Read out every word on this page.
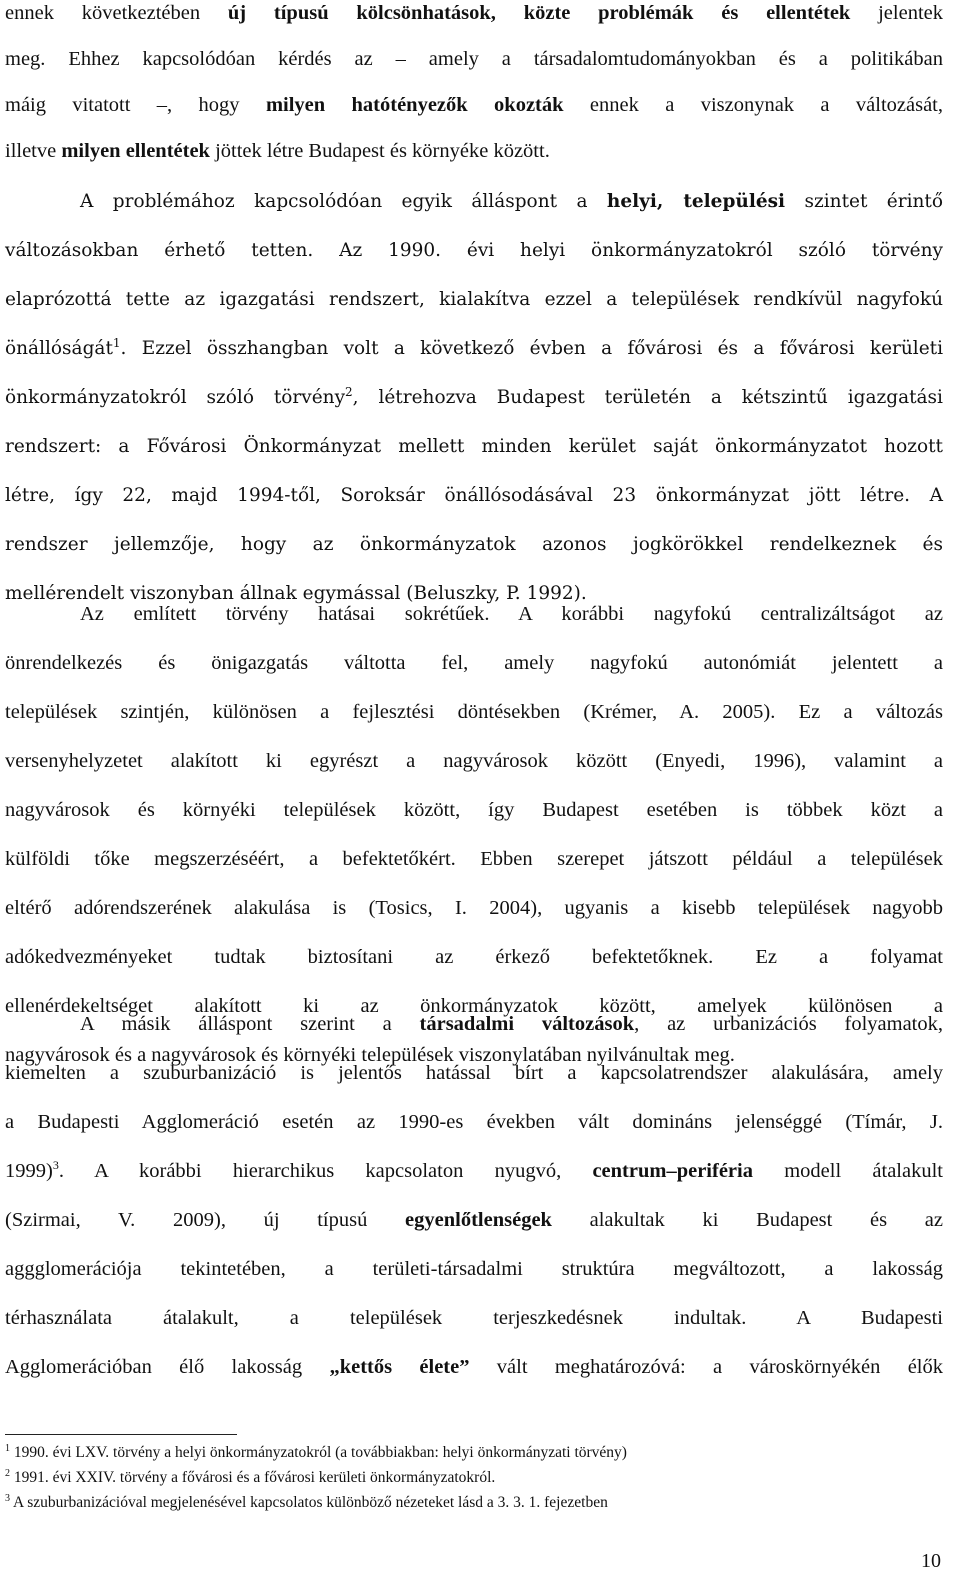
ennek következtében új típusú kölcsönhatások, közte problémák és ellentétek jelentek
meg. Ehhez kapcsolódóan kérdés az – amely a társadalomtudományokban és a politikában
máig vitatott –, hogy milyen hatótényezők okozták ennek a viszonynak a változását,
illetve milyen ellentétek jöttek létre Budapest és környéke között.
A problémához kapcsolódóan egyik álláspont a helyi, települési szintet érintő
változásokban érhető tetten. Az 1990. évi helyi önkormányzatokról szóló törvény
elaprózottá tette az igazgatási rendszert, kialakítva ezzel a települések rendkívül nagyfokú
önállóságát$^1$. Ezzel összhangban volt a következő évben a fővárosi és a fővárosi kerületi
önkormányzatokról szóló törvény$^2$, létrehozva Budapest területén a kétszintű igazgatási
rendszert: a Fővárosi Önkormányzat mellett minden kerület saját önkormányzatot hozott
létre, így 22, majd 1994-től, Soroksár önállósodásával 23 önkormányzat jött létre. A
rendszer jellemzője, hogy az önkormányzatok azonos jogkörökkel rendelkeznek és
mellérendelt viszonyban állnak egymással (Beluszky, P. 1992).
Az említett törvény hatásai sokrétűek. A korábbi nagyfokú centralizáltságot az
önrendelkezés és önigazgatás váltotta fel, amely nagyfokú autonómiát jelentett a
települések szintjén, különösen a fejlesztési döntésekben (Krémer, A. 2005). Ez a változás
versenyhelyzetet alakított ki egyrészt a nagyvárosok között (Enyedi, 1996), valamint a
nagyvárosok és környéki települések között, így Budapest esetében is többek közt a
külföldi tőke megszerzéséért, a befektetőkért. Ebben szerepet játszott például a települések
eltérő adórendszerének alakulása is (Tosics, I. 2004), ugyanis a kisebb települések nagyobb
adókedvezményeket tudtak biztosítani az érkező befektetőknek. Ez a folyamat
ellenérdekeltséget alakított ki az önkormányzatok között, amelyek különösen a
nagyvárosok és a nagyvárosok és környéki települések viszonylatában nyilvánultak meg.
A másik álláspont szerint a társadalmi változások, az urbanizációs folyamatok,
kiemelten a szuburbanizáció is jelentős hatással bírt a kapcsolatrendszer alakulására, amely
a Budapesti Agglomeráció esetén az 1990-es években vált domináns jelenséggé (Tímár, J.
1999)$^3$. A korábbi hierarchikus kapcsolaton nyugvó, centrum–periféria modell átalakult
(Szirmai, V. 2009), új típusú egyenlőtlenségek alakultak ki Budapest és az
aggglomerációja tekintetében, a területi-társadalmi struktúra megváltozott, a lakosság
térhasználata átalakult, a települések terjeszkedésnek indultak. A Budapesti
Agglomerációban élő lakosság „kettős élete” vált meghatározóvá: a városkörnyékén élők
$^1$ 1990. évi LXV. törvény a helyi önkormányzatokról (a továbbiakban: helyi önkormányzati törvény)
$^2$ 1991. évi XXIV. törvény a fővárosi és a fővárosi kerületi önkormányzatokról.
$^3$ A szuburbanizációval megjelenésével kapcsolatos különböző nézeteket lásd a 3. 3. 1. fejezetben
10
